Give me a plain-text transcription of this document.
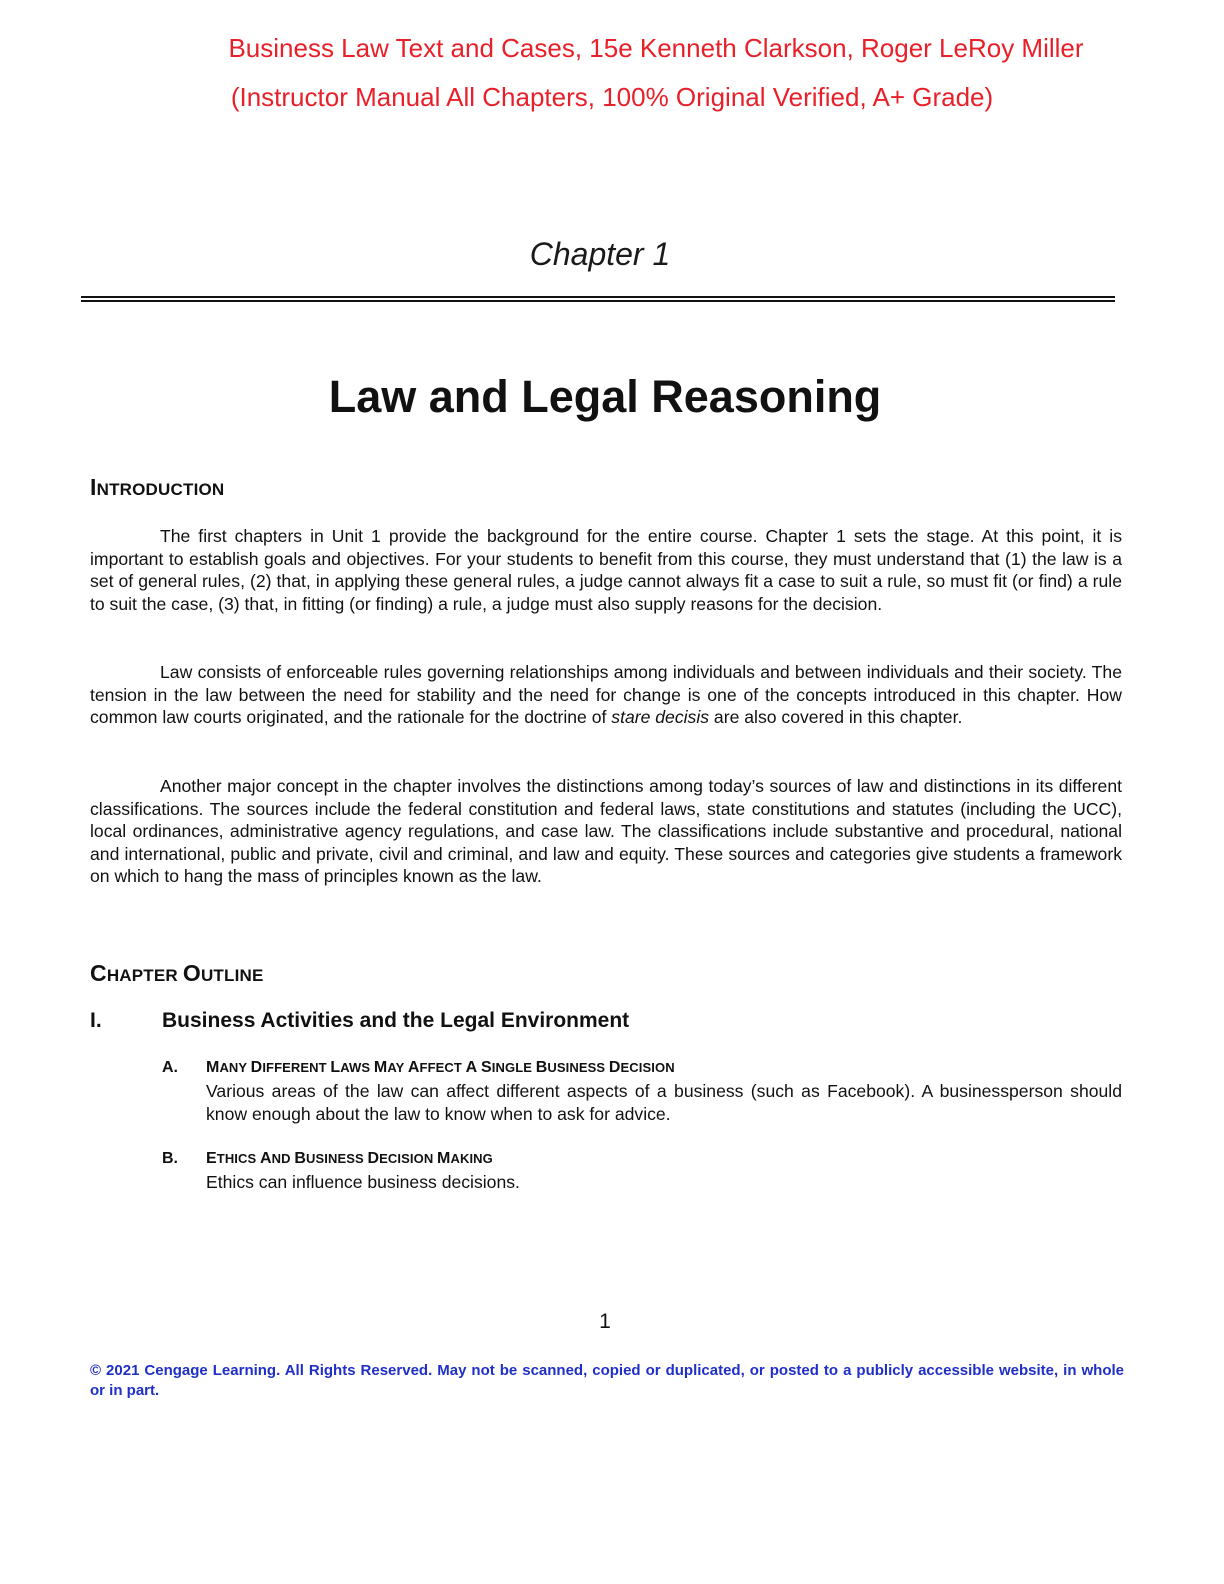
Business Law Text and Cases, 15e Kenneth Clarkson, Roger LeRoy Miller
(Instructor Manual All Chapters, 100% Original Verified, A+ Grade)
Chapter 1
Law and Legal Reasoning
INTRODUCTION

The first chapters in Unit 1 provide the background for the entire course. Chapter 1 sets the stage. At this point, it is important to establish goals and objectives. For your students to benefit from this course, they must understand that (1) the law is a set of general rules, (2) that, in applying these general rules, a judge cannot always fit a case to suit a rule, so must fit (or find) a rule to suit the case, (3) that, in fitting (or finding) a rule, a judge must also supply reasons for the decision.

Law consists of enforceable rules governing relationships among individuals and between individuals and their society. The tension in the law between the need for stability and the need for change is one of the concepts introduced in this chapter. How common law courts originated, and the rationale for the doctrine of stare decisis are also covered in this chapter.

Another major concept in the chapter involves the distinctions among today’s sources of law and distinctions in its different classifications. The sources include the federal constitution and federal laws, state constitutions and statutes (including the UCC), local ordinances, administrative agency regulations, and case law. The classifications include substantive and procedural, national and international, public and private, civil and criminal, and law and equity. These sources and categories give students a framework on which to hang the mass of principles known as the law.

CHAPTER OUTLINE
I.	Business Activities and the Legal Environment
A. MANY DIFFERENT LAWS MAY AFFECT A SINGLE BUSINESS DECISION

Various areas of the law can affect different aspects of a business (such as Facebook). A businessperson should know enough about the law to know when to ask for advice.

B. ETHICS AND BUSINESS DECISION MAKING

Ethics can influence business decisions.

1

© 2021 Cengage Learning. All Rights Reserved. May not be scanned, copied or duplicated, or posted to a publicly accessible website, in whole or in part.
